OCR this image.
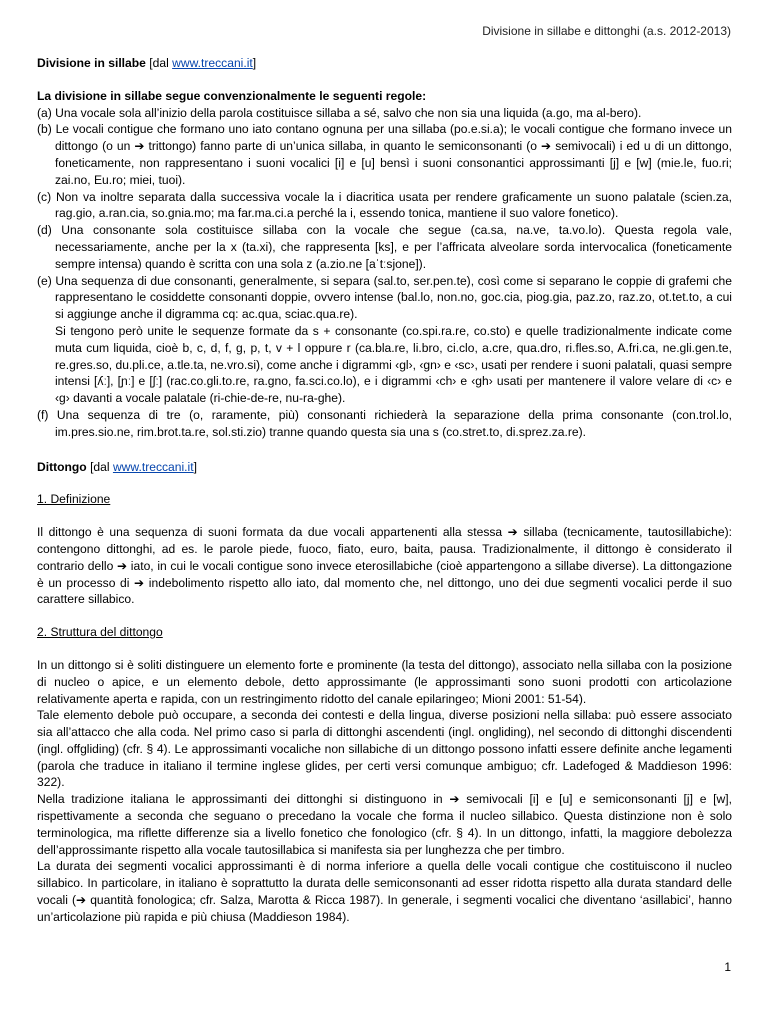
Divisione in sillabe e dittonghi (a.s. 2012-2013)

Divisione in sillabe [dal www.treccani.it]

La divisione in sillabe segue convenzionalmente le seguenti regole:

(a) Una vocale sola all’inizio della parola costituisce sillaba a sé, salvo che non sia una liquida (a.go, ma al-bero).
(b) Le vocali contigue che formano uno iato contano ognuna per una sillaba (po.e.si.a); le vocali contigue che formano invece un dittongo (o un ➔ trittongo) fanno parte di un’unica sillaba, in quanto le semiconsonanti (o ➔ semivocali) i ed u di un dittongo, foneticamente, non rappresentano i suoni vocalici [i] e [u] bensì i suoni consonantici approssimanti [j] e [w] (mie.le, fuo.ri; zai.no, Eu.ro; miei, tuoi).
(c) Non va inoltre separata dalla successiva vocale la i diacritica usata per rendere graficamente un suono palatale (scien.za, rag.gio, a.ran.cia, so.gnia.mo; ma far.ma.ci.a perché la i, essendo tonica, mantiene il suo valore fonetico).
(d) Una consonante sola costituisce sillaba con la vocale che segue (ca.sa, na.ve, ta.vo.lo). Questa regola vale, necessariamente, anche per la x (ta.xi), che rappresenta [ks], e per l’affricata alveolare sorda intervocalica (foneticamente sempre intensa) quando è scritta con una sola z (a.zio.ne [aˈtːsjone]).
(e) Una sequenza di due consonanti, generalmente, si separa (sal.to, ser.pen.te), così come si separano le coppie di grafemi che rappresentano le cosiddette consonanti doppie, ovvero intense (bal.lo, non.no, goc.cia, piog.gia, paz.zo, raz.zo, ot.tet.to, a cui si aggiunge anche il digramma cq: ac.qua, sciac.qua.re).
Si tengono però unite le sequenze formate da s + consonante (co.spi.ra.re, co.sto) e quelle tradizionalmente indicate come muta cum liquida, cioè b, c, d, f, g, p, t, v + l oppure r (ca.bla.re, li.bro, ci.clo, a.cre, qua.dro, ri.fles.so, A.fri.ca, ne.gli.gen.te, re.gres.so, du.pli.ce, a.tle.ta, ne.vro.si), come anche i digrammi ‹gl›, ‹gn› e ‹sc›, usati per rendere i suoni palatali, quasi sempre intensi [ʎː], [ɲː] e [ʃː] (rac.co.gli.to.re, ra.gno, fa.sci.co.lo), e i digrammi ‹ch› e ‹gh› usati per mantenere il valore velare di ‹c› e ‹g› davanti a vocale palatale (ri-chie-de-re, nu-ra-ghe).
(f) Una sequenza di tre (o, raramente, più) consonanti richiederà la separazione della prima consonante (con.trol.lo, im.pres.sio.ne, rim.brot.ta.re, sol.sti.zio) tranne quando questa sia una s (co.stret.to, di.sprez.za.re).

Dittongo [dal www.treccani.it]

1. Definizione

Il dittongo è una sequenza di suoni formata da due vocali appartenenti alla stessa ➔ sillaba (tecnicamente, tautosillabiche): contengono dittonghi, ad es. le parole piede, fuoco, fiato, euro, baita, pausa. Tradizionalmente, il dittongo è considerato il contrario dello ➔ iato, in cui le vocali contigue sono invece eterosillabiche (cioè appartengono a sillabe diverse). La dittongazione è un processo di ➔ indebolimento rispetto allo iato, dal momento che, nel dittongo, uno dei due segmenti vocalici perde il suo carattere sillabico.

2. Struttura del dittongo

In un dittongo si è soliti distinguere un elemento forte e prominente (la testa del dittongo), associato nella sillaba con la posizione di nucleo o apice, e un elemento debole, detto approssimante (le approssimanti sono suoni prodotti con articolazione relativamente aperta e rapida, con un restringimento ridotto del canale epilaringeo; Mioni 2001: 51-54).

Tale elemento debole può occupare, a seconda dei contesti e della lingua, diverse posizioni nella sillaba: può essere associato sia all’attacco che alla coda. Nel primo caso si parla di dittonghi ascendenti (ingl. ongliding), nel secondo di dittonghi discendenti (ingl. offgliding) (cfr. § 4). Le approssimanti vocaliche non sillabiche di un dittongo possono infatti essere definite anche legamenti (parola che traduce in italiano il termine inglese glides, per certi versi comunque ambiguo; cfr. Ladefoged & Maddieson 1996: 322).

Nella tradizione italiana le approssimanti dei dittonghi si distinguono in ➔ semivocali [i] e [u] e semiconsonanti [j] e [w], rispettivamente a seconda che seguano o precedano la vocale che forma il nucleo sillabico. Questa distinzione non è solo terminologica, ma riflette differenze sia a livello fonetico che fonologico (cfr. § 4). In un dittongo, infatti, la maggiore debolezza dell’approssimante rispetto alla vocale tautosillabica si manifesta sia per lunghezza che per timbro.

La durata dei segmenti vocalici approssimanti è di norma inferiore a quella delle vocali contigue che costituiscono il nucleo sillabico. In particolare, in italiano è soprattutto la durata delle semiconsonanti ad esser ridotta rispetto alla durata standard delle vocali (➔ quantità fonologica; cfr. Salza, Marotta & Ricca 1987). In generale, i segmenti vocalici che diventano ‘asillabici’, hanno un’articolazione più rapida e più chiusa (Maddieson 1984).

1
